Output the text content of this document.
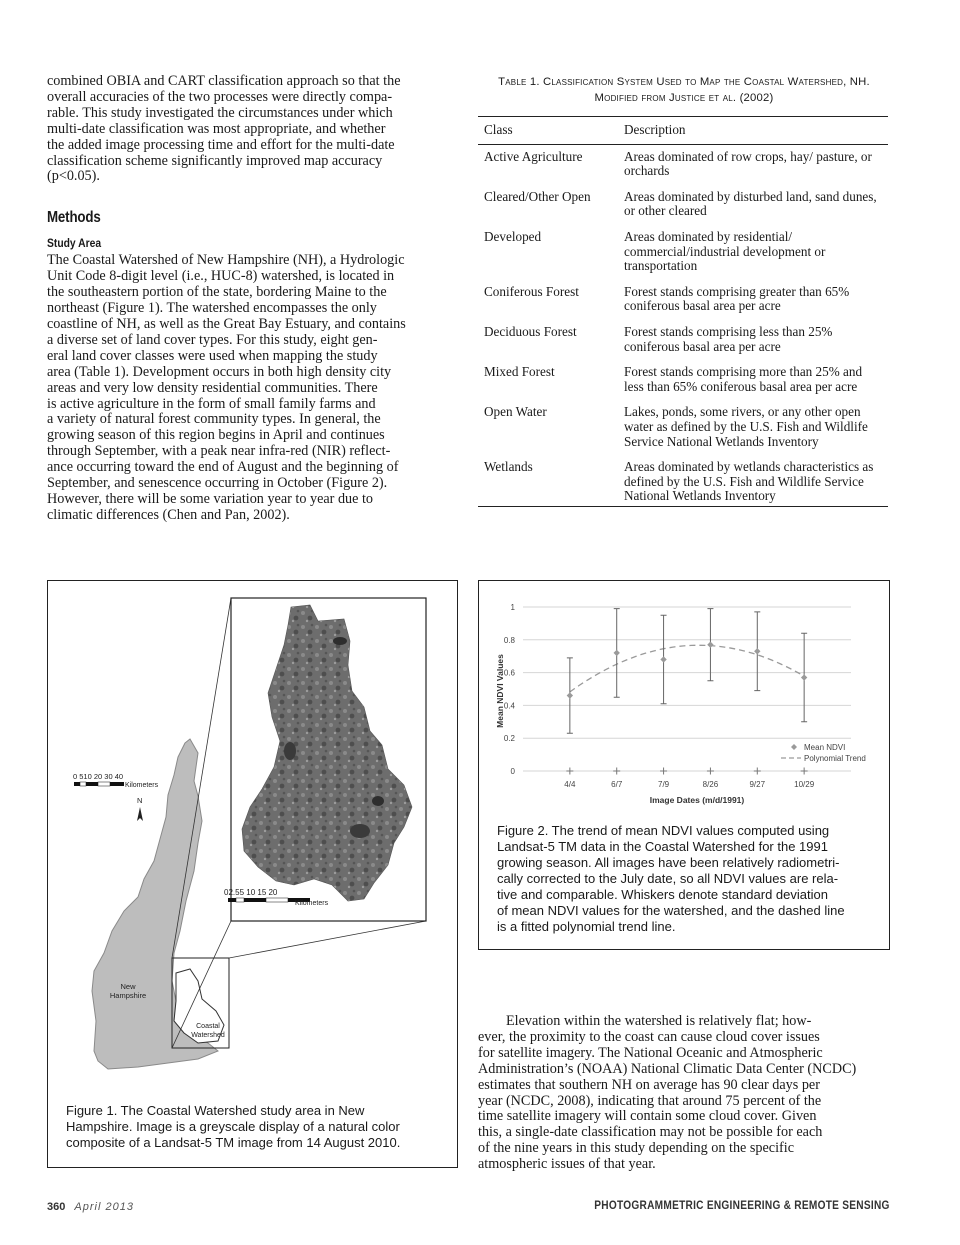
combined OBIA and CART classification approach so that the

overall accuracies of the two processes were directly compa-

rable. This study investigated the circumstances under which

multi-date classification was most appropriate, and whether

the added image processing time and effort for the multi-date

classification scheme significantly improved map accuracy

(p<0.05).

Methods
Study Area

The Coastal Watershed of New Hampshire (NH), a Hydrologic

Unit Code 8-digit level (i.e., HUC-8) watershed, is located in

the southeastern portion of the state, bordering Maine to the

northeast (Figure 1). The watershed encompasses the only

coastline of NH, as well as the Great Bay Estuary, and contains

a diverse set of land cover types. For this study, eight gen-

eral land cover classes were used when mapping the study

area (Table 1). Development occurs in both high density city

areas and very low density residential communities. There

is active agriculture in the form of small family farms and

a variety of natural forest community types. In general, the

growing season of this region begins in April and continues

through September, with a peak near infra-red (NIR) reflect-

ance occurring toward the end of August and the beginning of

September, and senescence occurring in October (Figure 2).

However, there will be some variation year to year due to

climatic differences (Chen and Pan, 2002).

Table 1. Classification System Used to Map the Coastal Watershed, NH.
Modified from Justice et al. (2002)
Class	Description
Active Agriculture	Areas dominated of row crops, hay/ pasture, or orchards
Cleared/Other Open	Areas dominated by disturbed land, sand dunes, or other cleared
Developed	Areas dominated by residential/ commercial/industrial development or transportation
Coniferous Forest	Forest stands comprising greater than 65% coniferous basal area per acre
Deciduous Forest	Forest stands comprising less than 25% coniferous basal area per acre
Mixed Forest	Forest stands comprising more than 25% and less than 65% coniferous basal area per acre
Open Water	Lakes, ponds, some rivers, or any other open water as defined by the U.S. Fish and Wildlife Service National Wetlands Inventory
Wetlands	Areas dominated by wetlands characteristics as defined by the U.S. Fish and Wildlife Service National Wetlands Inventory
02.55 10 15 20
Kilometers
0 510 20 30 40
Kilometers
N
New
Hampshire
Coastal
Watershed
Figure 1. The Coastal Watershed study area in New
Hampshire. Image is a greyscale display of a natural color
composite of a Landsat-5 TM image from 14 August 2010.
0
0.2
0.4
0.6
0.8
1
4/4	6/7	7/9	8/26	9/27	10/29
Image Dates (m/d/1991)
Mean NDVI Values
Mean NDVI
Polynomial Trend
Figure 2. The trend of mean NDVI values computed using
Landsat-5 TM data in the Coastal Watershed for the 1991
growing season. All images have been relatively radiometri-
cally corrected to the July date, so all NDVI values are rela-
tive and comparable. Whiskers denote standard deviation
of mean NDVI values for the watershed, and the dashed line
is a fitted polynomial trend line.

Elevation within the watershed is relatively flat; how-

ever, the proximity to the coast can cause cloud cover issues

for satellite imagery. The National Oceanic and Atmospheric

Administration’s (NOAA) National Climatic Data Center (NCDC)

estimates that southern NH on average has 90 clear days per

year (NCDC, 2008), indicating that around 75 percent of the

time satellite imagery will contain some cloud cover. Given

this, a single-date classification may not be possible for each

of the nine years in this study depending on the specific

atmospheric issues of that year.

360 April 2013	PHOTOGRAMMETRIC ENGINEERING & REMOTE SENSING
